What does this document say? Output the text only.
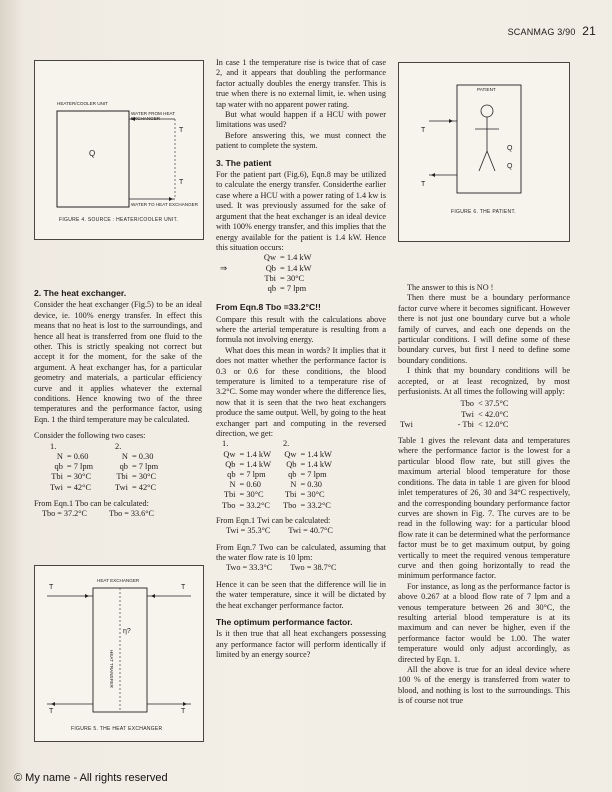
SCANMAG 3/90 21
HEATER/COOLER UNIT
WATER FROM HEAT EXCHANGER
WATER TO HEAT EXCHANGER
T
T
Q
FIGURE 4. SOURCE : HEATER/COOLER UNIT.
PATIENT
T
T
Q
Q
FIGURE 6. THE PATIENT.
HEAT EXCHANGER
T	T
T	T
η?
HEAT TRANSFER
FIGURE 5. THE HEAT EXCHANGER
2. The heat exchanger.

Consider the heat exchanger (Fig.5) to be an ideal device, ie. 100% energy transfer. In effect this means that no heat is lost to the surroundings, and hence all heat is transferred from one fluid to the other. This is strictly speaking not correct but accept it for the moment, for the sake of the argument. A heat exchanger has, for a particular geometry and materials, a particular efficiency curve and it applies whatever the external conditions. Hence knowing two of the three temperatures and the performance factor, using Eqn. 1 the third temperature may be calculated.

Consider the following two cases:

1.			2.	
N	= 0.60		N	= 0.30
qb	= 7 lpm		qb	= 7 lpm
Tbi	= 30°C		Tbi	= 30°C
Twi	= 42°C		Twi	= 42°C

From Eqn.1 Tbo can be calculated:

Tbo = 37.2°C	Tbo = 33.6°C

In case 1 the temperature rise is twice that of case 2, and it appears that doubling the performance factor actually doubles the energy transfer. This is true when there is no external limit, ie. when using tap water with no apparent power rating.

But what would happen if a HCU with power limitations was used?

Before answering this, we must connect the patient to complete the system.

3. The patient

For the patient part (Fig.6), Eqn.8 may be utilized to calculate the energy transfer. Considerthe earlier case where a HCU with a power rating of 1.4 kw is used. It was previously assumed for the sake of argument that the heat exchanger is an ideal device with 100% energy transfer, and this implies that the energy available for the patient is 1.4 kW. Hence this situation occurs:

	Qw	= 1.4 kW
⇒	Qb	= 1.4 kW
	Tbi	= 30°C
	qb	= 7 lpm
From Eqn.8 Tbo =33.2°C!!

Compare this result with the calculations above where the arterial temperature is resulting from a formula not involving energy.

What does this mean in words? It implies that it does not matter whether the performance factor is 0.3 or 0.6 for these conditions, the blood temperature is limited to a temperature rise of 3.2°C. Some may wonder where the difference lies, now that it is seen that the two heat exchangers produce the same output. Well, by going to the heat exchanger part and computing in the reversed direction, we get:

1.			2.	
Qw	= 1.4 kW		Qw	= 1.4 kW
Qb	= 1.4 kW		Qb	= 1.4 kW
qb	= 7 lpm		qb	= 7 lpm
N	= 0.60		N	= 0.30
Tbi	= 30°C		Tbi	= 30°C
Tbo	= 33.2°C		Tbo	= 33.2°C

From Eqn.1 Twi can be calculated:

Twi = 35.3°C Twi = 40.7°C

From Eqn.7 Two can be calculated, assuming that the water flow rate is 10 lpm:

Two = 33.3°C Two = 38.7°C

Hence it can be seen that the difference will lie in the water temperature, since it will be dictated by the heat exchanger performance factor.

The optimum performance factor.

Is it then true that all heat exchangers possessing any performance factor will perform identically if limited by an energy source?

The answer to this is NO !

Then there must be a boundary performance factor curve where it becomes significant. However there is not just one boundary curve but a whole family of curves, and each one depends on the particular conditions. I will define some of these boundary curves, but first I need to define some boundary conditions.

I think that my boundary conditions will be accepted, or at least recognized, by most perfusionists. At all times the following will apply:

	Tbo	< 37.5°C
	Twi	< 42.0°C
Twi	- Tbi	< 12.0°C

Table 1 gives the relevant data and temperatures where the performance factor is the lowest for a particular blood flow rate, but still gives the maximum arterial blood temperature for those conditions. The data in table 1 are given for blood inlet temperatures of 26, 30 and 34°C respectively, and the corresponding boundary performance factor curves are shown in Fig. 7. The curves are to be read in the following way: for a particular blood flow rate it can be determined what the performance factor must be to get maximum output, by going vertically to meet the required venous temperature curve and then going horizontally to read the minimum performance factor.

For instance, as long as the performance factor is above 0.267 at a blood flow rate of 7 lpm and a venous temperature between 26 and 30°C, the resulting arterial blood temperature is at its maximum and can never be higher, even if the performance factor would be 1.00. The water temperature would only adjust accordingly, as directed by Eqn. 1.

All the above is true for an ideal device where 100 % of the energy is transferred from water to blood, and nothing is lost to the surroundings. This is of course not true

© My name - All rights reserved
